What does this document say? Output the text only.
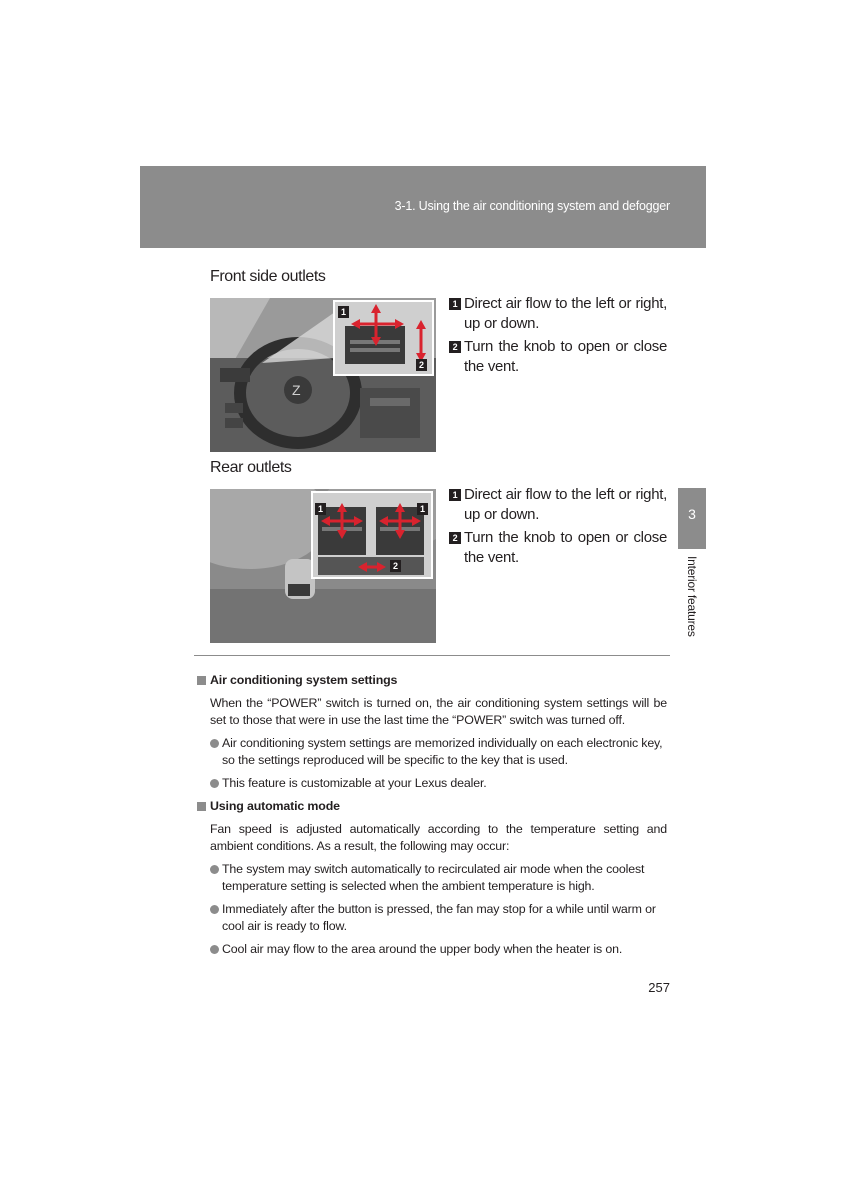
3-1. Using the air conditioning system and defogger
Front side outlets
Z
1
2
1 Direct air flow to the left or right, up or down.
2 Turn the knob to open or close the vent.
Rear outlets
1	1
2
1 Direct air flow to the left or right, up or down.
2 Turn the knob to open or close the vent.
3
Interior features
Air conditioning system settings
When the “POWER” switch is turned on, the air conditioning system settings will be set to those that were in use the last time the “POWER” switch was turned off.
Air conditioning system settings are memorized individually on each electronic key, so the settings reproduced will be specific to the key that is used.
This feature is customizable at your Lexus dealer.
Using automatic mode
Fan speed is adjusted automatically according to the temperature setting and ambient conditions. As a result, the following may occur:
The system may switch automatically to recirculated air mode when the coolest temperature setting is selected when the ambient temperature is high.
Immediately after the button is pressed, the fan may stop for a while until warm or cool air is ready to flow.
Cool air may flow to the area around the upper body when the heater is on.
257
